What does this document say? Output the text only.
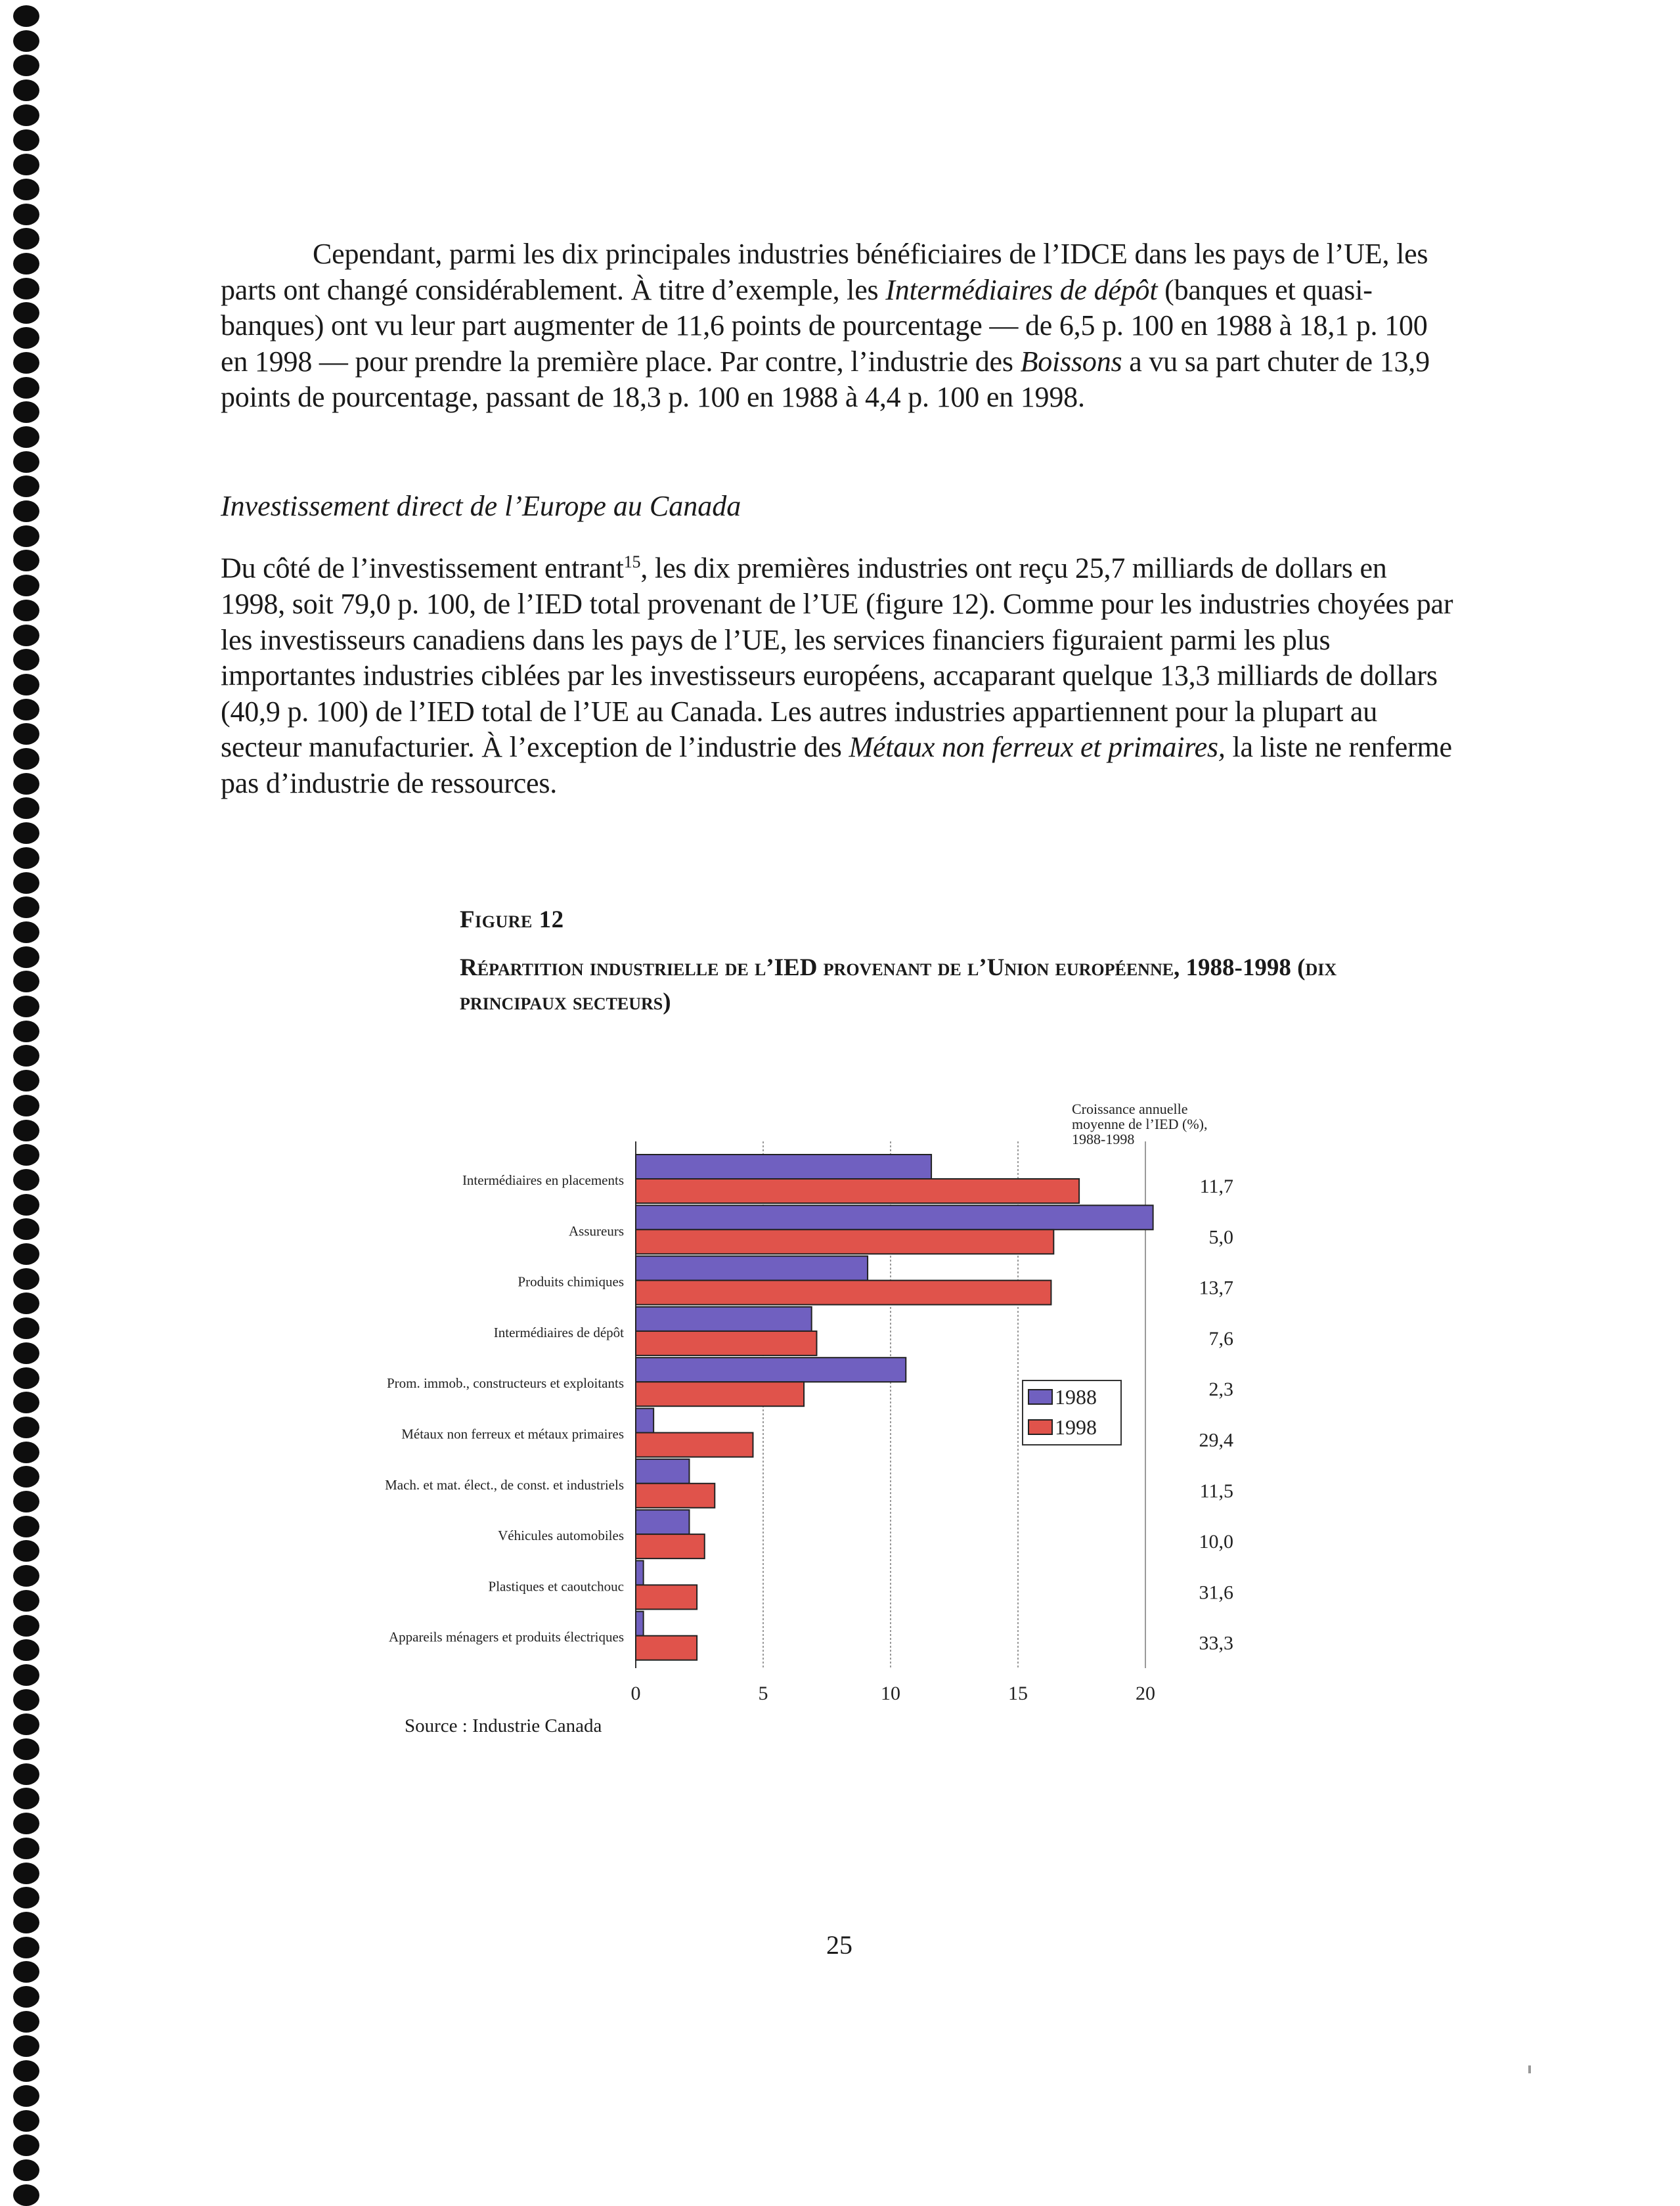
Cependant, parmi les dix principales industries bénéficiaires de l’IDCE dans les pays de l’UE, les parts ont changé considérablement. À titre d’exemple, les Intermédiaires de dépôt (banques et quasi-banques) ont vu leur part augmenter de 11,6 points de pourcentage — de 6,5 p. 100 en 1988 à 18,1 p. 100 en 1998 — pour prendre la première place. Par contre, l’industrie des Boissons a vu sa part chuter de 13,9 points de pourcentage, passant de 18,3 p. 100 en 1988 à 4,4 p. 100 en 1998.

Investissement direct de l’Europe au Canada

Du côté de l’investissement entrant$^{15}$, les dix premières industries ont reçu 25,7 milliards de dollars en 1998, soit 79,0 p. 100, de l’IED total provenant de l’UE (figure 12). Comme pour les industries choyées par les investisseurs canadiens dans les pays de l’UE, les services financiers figuraient parmi les plus importantes industries ciblées par les investisseurs européens, accaparant quelque 13,3 milliards de dollars (40,9 p. 100) de l’IED total de l’UE au Canada. Les autres industries appartiennent pour la plupart au secteur manufacturier. À l’exception de l’industrie des Métaux non ferreux et primaires, la liste ne renferme pas d’industrie de ressources.

Figure 12
Répartition industrielle de l’IED provenant de l’Union européenne, 1988-1998 (dix principaux secteurs)
0	5	10	15	20
Intermédiaires en placements	11,7
Assureurs	5,0
Produits chimiques	13,7
Intermédiaires de dépôt	7,6
Prom. immob., constructeurs et exploitants	2,3
Métaux non ferreux et métaux primaires	29,4
Mach. et mat. élect., de const. et industriels	11,5
Véhicules automobiles	10,0
Plastiques et caoutchouc	31,6
Appareils ménagers et produits électriques	33,3
Croissance annuelle
moyenne de l’IED (%),
1988-1998
1988
1998
Source : Industrie Canada
25
